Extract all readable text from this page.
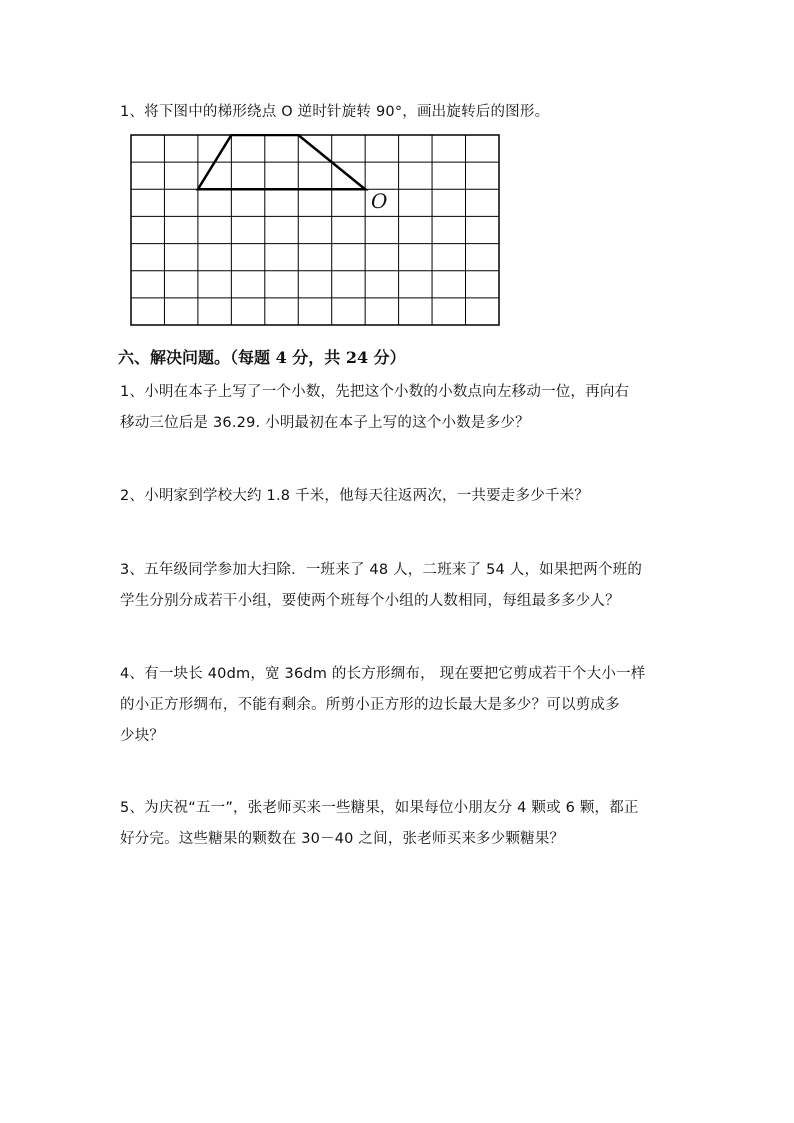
1、将下图中的梯形绕点 O 逆时针旋转 90°，画出旋转后的图形。
O
六、解决问题。（每题 4 分，共 24 分）
1、小明在本子上写了一个小数，先把这个小数的小数点向左移动一位，再向右
移动三位后是 36.29. 小明最初在本子上写的这个小数是多少？
2、小明家到学校大约 1.8 千米，他每天往返两次，一共要走多少千米？
3、五年级同学参加大扫除．一班来了 48 人，二班来了 54 人，如果把两个班的
学生分别分成若干小组，要使两个班每个小组的人数相同，每组最多多少人？
4、有一块长 40dm，宽 36dm 的长方形绸布， 现在要把它剪成若干个大小一样
的小正方形绸布，不能有剩余。所剪小正方形的边长最大是多少？可以剪成多
少块？
5、为庆祝“五一”，张老师买来一些糖果，如果每位小朋友分 4 颗或 6 颗，都正
好分完。这些糖果的颗数在 30－40 之间，张老师买来多少颗糖果？
